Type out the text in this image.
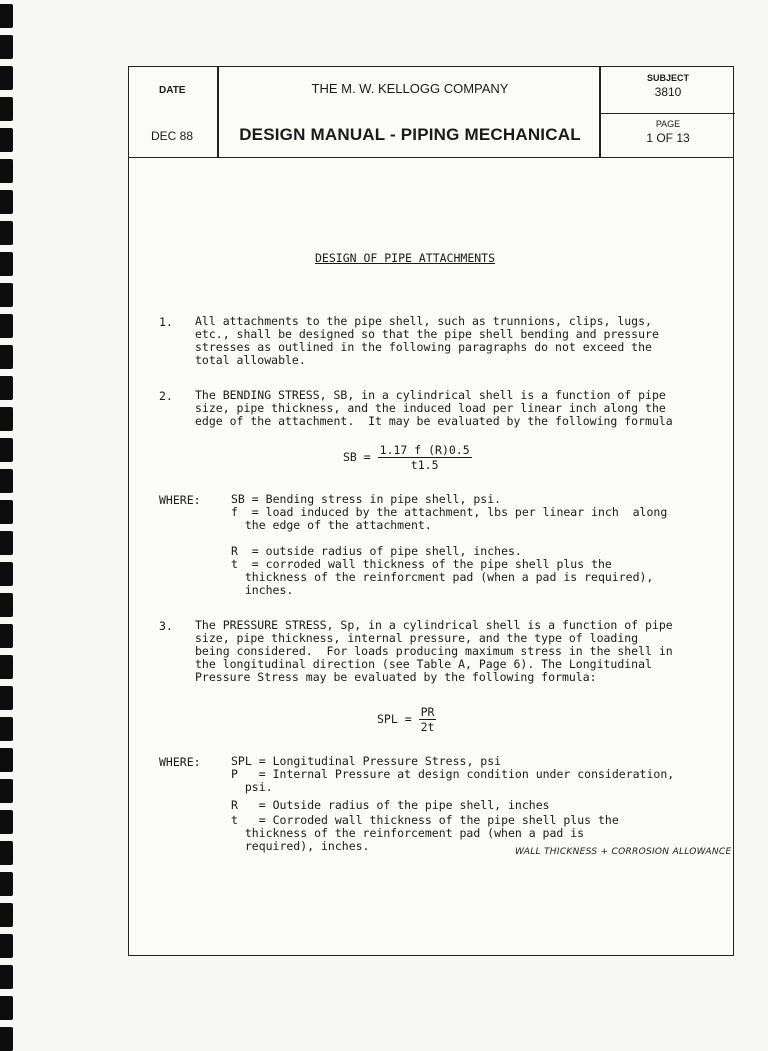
DATE
DEC 88
THE M. W. KELLOGG COMPANY
DESIGN MANUAL - PIPING MECHANICAL
SUBJECT
3810
PAGE
1 OF 13
DESIGN OF PIPE ATTACHMENTS
1. All attachments to the pipe shell, such as trunnions, clips, lugs,
etc., shall be designed so that the pipe shell bending and pressure
stresses as outlined in the following paragraphs do not exceed the
total allowable.
2. The BENDING STRESS, SB, in a cylindrical shell is a function of pipe
size, pipe thickness, and the induced load per linear inch along the
edge of the attachment.  It may be evaluated by the following formula
SB = $\frac{1.17 f (R)0.5}{t1.5}$
WHERE:	SB = Bending stress in pipe shell, psi.
f = load induced by the attachment, lbs per linear inch  along
the edge of the attachment.
R = outside radius of pipe shell, inches.
t = corroded wall thickness of the pipe shell plus the
thickness of the reinforcment pad (when a pad is required),
inches.
3. The PRESSURE STRESS, Sp, in a cylindrical shell is a function of pipe
size, pipe thickness, internal pressure, and the type of loading
being considered.  For loads producing maximum stress in the shell in
the longitudinal direction (see Table A, Page 6). The Longitudinal
Pressure Stress may be evaluated by the following formula:
SPL = $\frac{PR}{2t}$
WHERE:	SPL = Longitudinal Pressure Stress, psi
P = Internal Pressure at design condition under consideration,
psi.
R = Outside radius of the pipe shell, inches
t = Corroded wall thickness of the pipe shell plus the
thickness of the reinforcement pad (when a pad is
required), inches.	WALL THICKNESS + CORROSION ALLOWANCE
